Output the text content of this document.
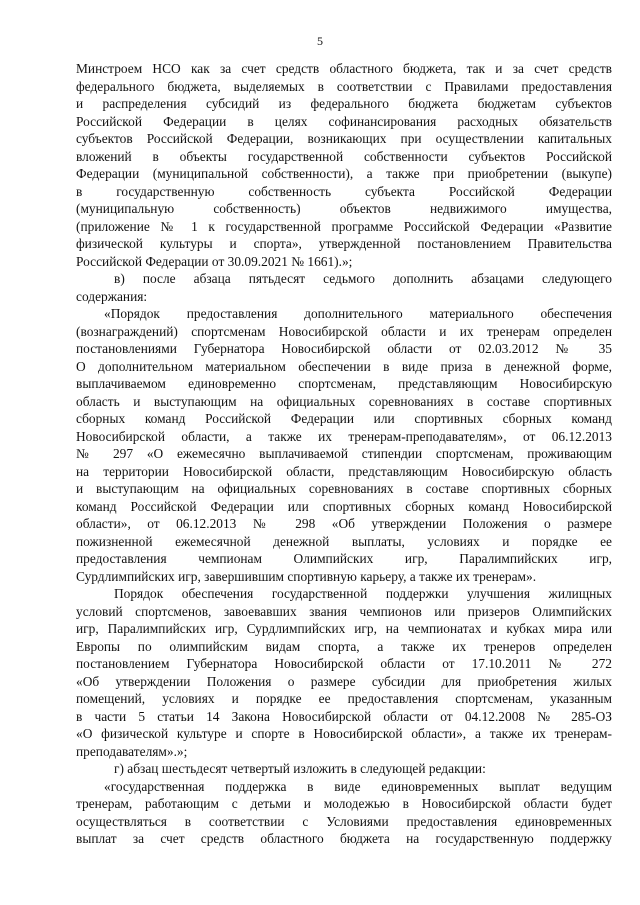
5
Минстроем НСО как за счет средств областного бюджета, так и за счет средств
федерального бюджета, выделяемых в соответствии с Правилами предоставления
и распределения субсидий из федерального бюджета бюджетам субъектов
Российской Федерации в целях софинансирования расходных обязательств
субъектов Российской Федерации, возникающих при осуществлении капитальных
вложений в объекты государственной собственности субъектов Российской
Федерации (муниципальной собственности), а также при приобретении (выкупе)
в государственную собственность субъекта Российской Федерации
(муниципальную собственность) объектов недвижимого имущества,
(приложение № 1 к государственной программе Российской Федерации «Развитие
физической культуры и спорта», утвержденной постановлением Правительства
Российской Федерации от 30.09.2021 № 1661).»;
в) после абзаца пятьдесят седьмого дополнить абзацами следующего
содержания:
«Порядок предоставления дополнительного материального обеспечения
(вознаграждений) спортсменам Новосибирской области и их тренерам определен
постановлениями Губернатора Новосибирской области от 02.03.2012 № 35
О дополнительном материальном обеспечении в виде приза в денежной форме,
выплачиваемом единовременно спортсменам, представляющим Новосибирскую
область и выступающим на официальных соревнованиях в составе спортивных
сборных команд Российской Федерации или спортивных сборных команд
Новосибирской области, а также их тренерам-преподавателям», от 06.12.2013
№ 297 «О ежемесячно выплачиваемой стипендии спортсменам, проживающим
на территории Новосибирской области, представляющим Новосибирскую область
и выступающим на официальных соревнованиях в составе спортивных сборных
команд Российской Федерации или спортивных сборных команд Новосибирской
области», от 06.12.2013 № 298 «Об утверждении Положения о размере
пожизненной ежемесячной денежной выплаты, условиях и порядке ее
предоставления чемпионам Олимпийских игр, Паралимпийских игр,
Сурдлимпийских игр, завершившим спортивную карьеру, а также их тренерам».
Порядок обеспечения государственной поддержки улучшения жилищных
условий спортсменов, завоевавших звания чемпионов или призеров Олимпийских
игр, Паралимпийских игр, Сурдлимпийских игр, на чемпионатах и кубках мира или
Европы по олимпийским видам спорта, а также их тренеров определен
постановлением Губернатора Новосибирской области от 17.10.2011 № 272
«Об утверждении Положения о размере субсидии для приобретения жилых
помещений, условиях и порядке ее предоставления спортсменам, указанным
в части 5 статьи 14 Закона Новосибирской области от 04.12.2008 № 285-ОЗ
«О физической культуре и спорте в Новосибирской области», а также их тренерам-
преподавателям».»;
г) абзац шестьдесят четвертый изложить в следующей редакции:
«государственная поддержка в виде единовременных выплат ведущим
тренерам, работающим с детьми и молодежью в Новосибирской области будет
осуществляться в соответствии с Условиями предоставления единовременных
выплат за счет средств областного бюджета на государственную поддержку
